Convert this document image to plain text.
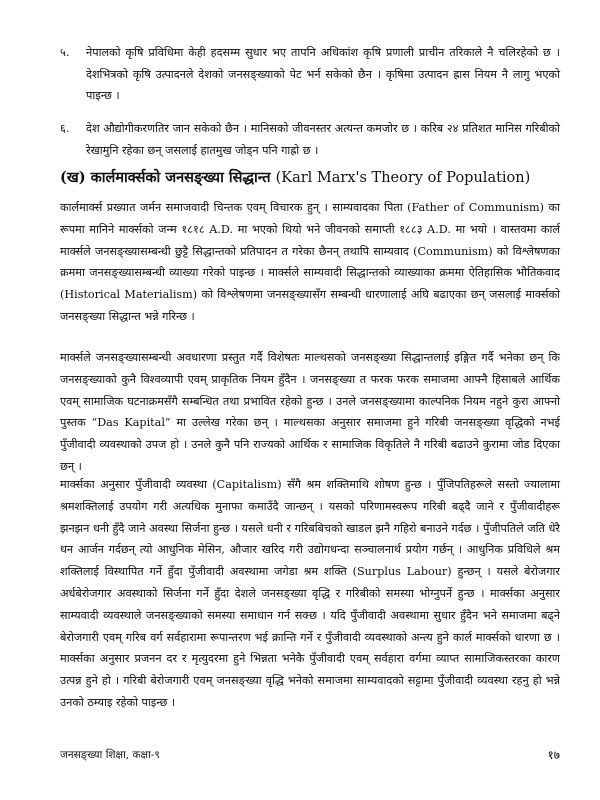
५.	नेपालको कृषि प्रविधिमा केही हदसम्म सुधार भए तापनि अधिकांश कृषि प्रणाली प्राचीन तरिकाले नै चलिरहेको छ । देशभित्रको कृषि उत्पादनले देशको जनसङ्ख्याको पेट भर्न सकेको छैन । कृषिमा उत्पादन ह्रास नियम नै लागु भएको पाइन्छ ।
६.	देश औद्योगीकरणतिर जान सकेको छैन । मानिसको जीवनस्तर अत्यन्त कमजोर छ । करिब २४ प्रतिशत मानिस गरिबीको रेखामुनि रहेका छन् जसलाई हातमुख जोड्न पनि गाह्रो छ ।
(ख) कार्लमार्क्सको जनसङ्ख्या सिद्धान्त (Karl Marx's Theory of Population)
कार्लमार्क्स प्रख्यात जर्मन समाजवादी चिन्तक एवम् विचारक हुन् । साम्यवादका पिता (Father of Communism) का रूपमा मानिने मार्क्सको जन्म १८१८ A.D. मा भएको थियो भने जीवनको समाप्ती १८८३ A.D. मा भयो । वास्तवमा कार्ल मार्क्सले जनसङ्ख्यासम्बन्धी छुट्टै सिद्धान्तको प्रतिपादन त गरेका छैनन् तथापि साम्यवाद (Communism) को विश्लेषणका क्रममा जनसङ्ख्यासम्बन्धी व्याख्या गरेको पाइन्छ । मार्क्सले साम्यवादी सिद्धान्तको व्याख्याका क्रममा ऐतिहासिक भौतिकवाद (Historical Materialism) को विश्लेषणमा जनसङ्ख्यासँग सम्बन्धी धारणालाई अघि बढाएका छन् जसलाई मार्क्सको जनसङ्ख्या सिद्धान्त भन्ने गरिन्छ ।
मार्क्सले जनसङ्ख्यासम्बन्धी अवधारणा प्रस्तुत गर्दै विशेषतः माल्थसको जनसङ्ख्या सिद्धान्तलाई इङ्गित गर्दै भनेका छन् कि जनसङ्ख्याको कुनै विश्वव्यापी एवम् प्राकृतिक नियम हुँदैन । जनसङ्ख्या त फरक फरक समाजमा आफ्नै हिसाबले आर्थिक एवम् सामाजिक घटनाक्रमसँगै सम्बन्धित तथा प्रभावित रहेको हुन्छ । उनले जनसङ्ख्यामा काल्पनिक नियम नहुने कुरा आफ्नो पुस्तक “Das Kapital” मा उल्लेख गरेका छन् । माल्थसका अनुसार समाजमा हुने गरिबी जनसङ्ख्या वृद्धिको नभई पुँजीवादी व्यवस्थाको उपज हो । उनले कुनै पनि राज्यको आर्थिक र सामाजिक विकृतिले नै गरिबी बढाउने कुरामा जोड दिएका छन् ।
मार्क्सका अनुसार पुँजीवादी व्यवस्था (Capitalism) सँगै श्रम शक्तिमाथि शोषण हुन्छ । पुँजिपतिहरूले सस्तो ज्यालामा श्रमशक्तिलाई उपयोग गरी अत्यधिक मुनाफा कमाउँदै जान्छन् । यसको परिणामस्वरूप गरिबी बढ्दै जाने र पुँजीवादीहरू झनझन धनी हुँदै जाने अवस्था सिर्जना हुन्छ । यसले धनी र गरिबबिचको खाडल झनै गहिरो बनाउने गर्दछ । पुँजीपतिले जति धेरै धन आर्जन गर्दछन् त्यो आधुनिक मेसिन, औजार खरिद गरी उद्योगधन्दा सञ्चालनार्थ प्रयोग गर्छन् । आधुनिक प्रविधिले श्रम शक्तिलाई विस्थापित गर्ने हुँदा पुँजीवादी अवस्थामा जगेडा श्रम शक्ति (Surplus Labour) हुन्छन् । यसले बेरोजगार अर्धबेरोजगार अवस्थाको सिर्जना गर्ने हुँदा देशले जनसङ्ख्या वृद्धि र गरिबीको समस्या भोग्नुपर्ने हुन्छ । मार्क्सका अनुसार साम्यवादी व्यवस्थाले जनसङ्ख्याको समस्या समाधान गर्न सक्छ । यदि पुँजीवादी अवस्थामा सुधार हुँदैन भने समाजमा बढ्ने बेरोजगारी एवम् गरिब वर्ग सर्वहारामा रूपान्तरण भई क्रान्ति गर्ने र पुँजीवादी व्यवस्थाको अन्त्य हुने कार्ल मार्क्सको धारणा छ । मार्क्सका अनुसार प्रजनन दर र मृत्युदरमा हुने भिन्नता भनेकै पुँजीवादी एवम् सर्वहारा वर्गमा व्याप्त सामाजिकस्तरका कारण उत्पन्न हुने हो । गरिबी बेरोजगारी एवम् जनसङ्ख्या वृद्धि भनेको समाजमा साम्यवादको सट्टामा पुँजीवादी व्यवस्था रहनु हो भन्ने उनको ठम्याइ रहेको पाइन्छ ।
जनसङ्ख्या शिक्षा, कक्षा-९	१७
